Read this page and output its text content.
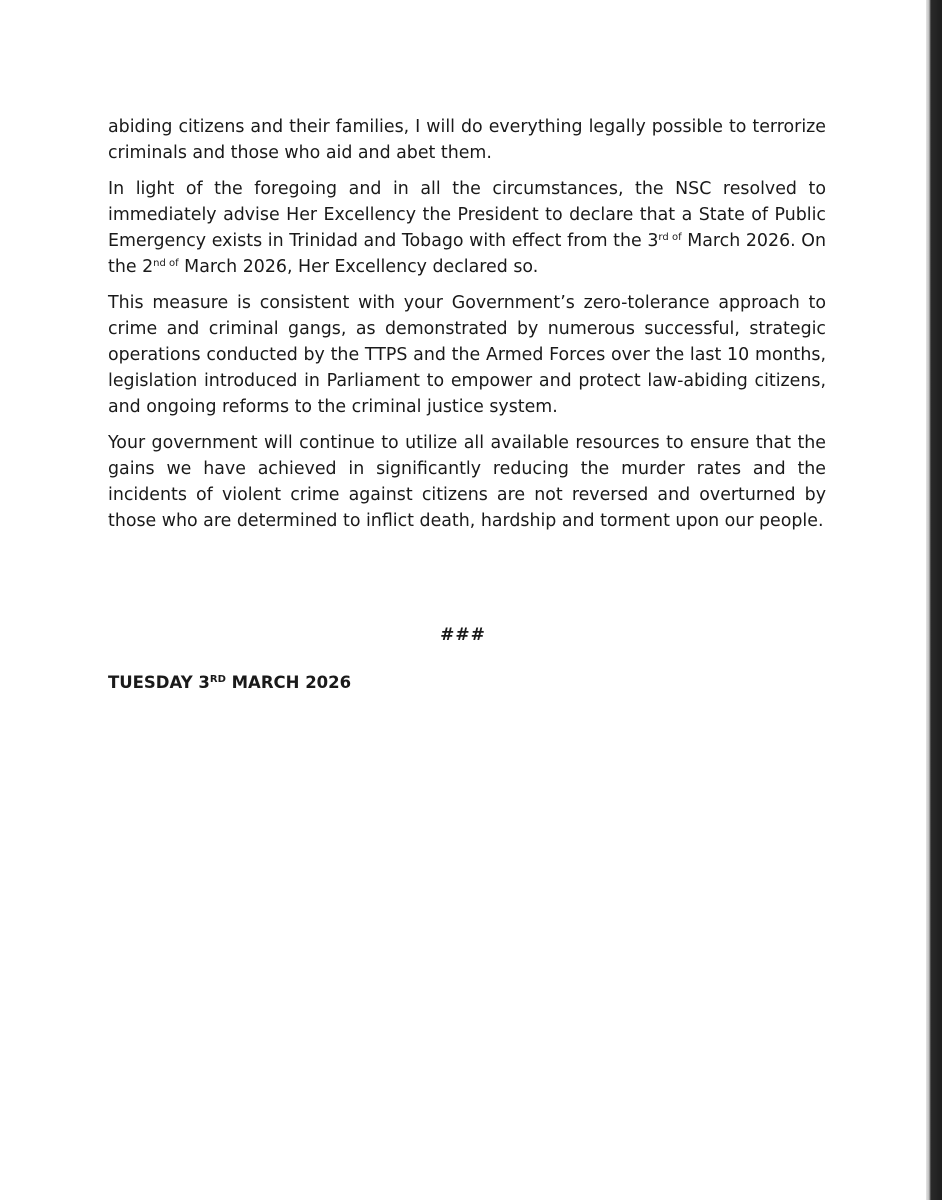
abiding citizens and their families, I will do everything legally possible to terrorize criminals and those who aid and abet them.

In light of the foregoing and in all the circumstances, the NSC resolved to immediately advise Her Excellency the President to declare that a State of Public Emergency exists in Trinidad and Tobago with effect from the $3^{rd of}$ March 2026. On the $2^{nd of}$ March 2026, Her Excellency declared so.

This measure is consistent with your Government’s zero-tolerance approach to crime and criminal gangs, as demonstrated by numerous successful, strategic operations conducted by the TTPS and the Armed Forces over the last 10 months, legislation introduced in Parliament to empower and protect law-abiding citizens, and ongoing reforms to the criminal justice system.

Your government will continue to utilize all available resources to ensure that the gains we have achieved in significantly reducing the murder rates and the incidents of violent crime against citizens are not reversed and overturned by those who are determined to inflict death, hardship and torment upon our people.

###
TUESDAY 3RD MARCH 2026
